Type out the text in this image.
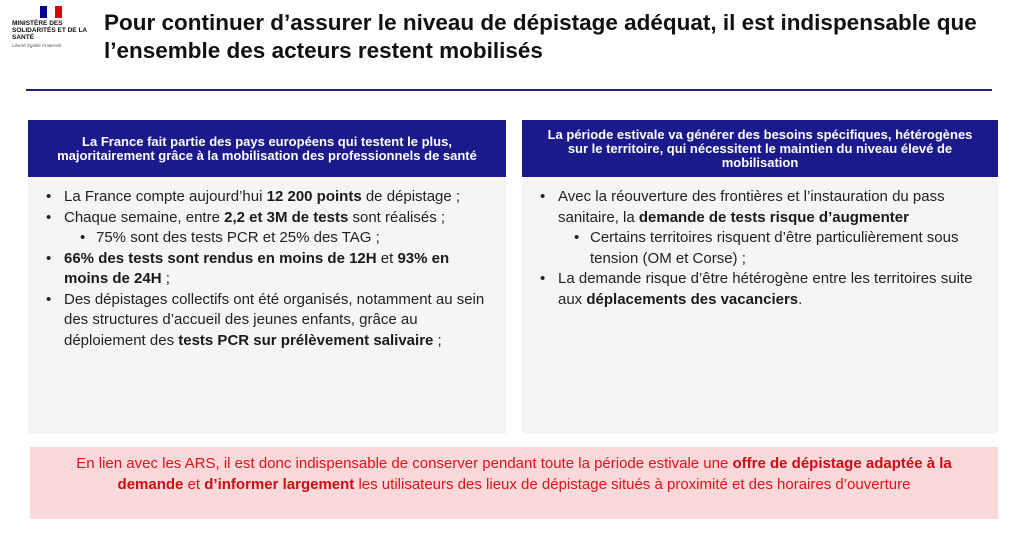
MINISTÈRE DES SOLIDARITÉS ET DE LA SANTÉ
Liberté Égalité Fraternité
Pour continuer d’assurer le niveau de dépistage adéquat, il est indispensable que l’ensemble des acteurs restent mobilisés
La France fait partie des pays européens qui testent le plus, majoritairement grâce à la mobilisation des professionnels de santé
• La France compte aujourd’hui 12 200 points de dépistage ;
• Chaque semaine, entre 2,2 et 3M de tests sont réalisés ;
• 75% sont des tests PCR et 25% des TAG ;
• 66% des tests sont rendus en moins de 12H et 93% en moins de 24H ;
• Des dépistages collectifs ont été organisés, notamment au sein des structures d’accueil des jeunes enfants, grâce au déploiement des tests PCR sur prélèvement salivaire ;
La période estivale va générer des besoins spécifiques, hétérogènes sur le territoire, qui nécessitent le maintien du niveau élevé de mobilisation
• Avec la réouverture des frontières et l’instauration du pass sanitaire, la demande de tests risque d’augmenter
• Certains territoires risquent d’être particulièrement sous tension (OM et Corse) ;
• La demande risque d’être hétérogène entre les territoires suite aux déplacements des vacanciers.
En lien avec les ARS, il est donc indispensable de conserver pendant toute la période estivale une offre de dépistage adaptée à la demande et d’informer largement les utilisateurs des lieux de dépistage situés à proximité et des horaires d’ouverture
